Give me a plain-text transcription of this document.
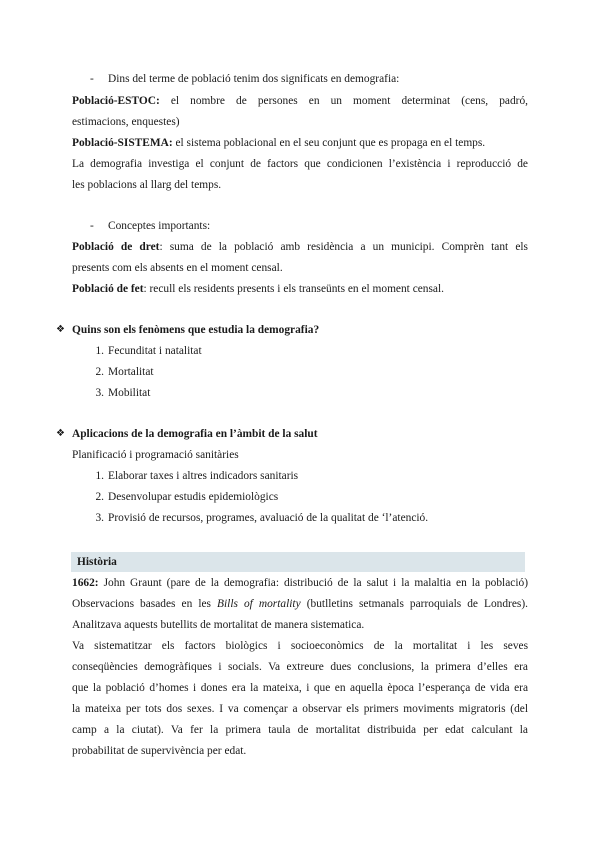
- Dins del terme de població tenim dos significats en demografia:
Població-ESTOC: el nombre de persones en un moment determinat (cens, padró,
estimacions, enquestes)
Població-SISTEMA: el sistema poblacional en el seu conjunt que es propaga en el temps.
La demografia investiga el conjunt de factors que condicionen l’existència i reproducció de
les poblacions al llarg del temps.
- Conceptes importants:
Població de dret: suma de la població amb residència a un municipi. Comprèn tant els
presents com els absents en el moment censal.
Població de fet: recull els residents presents i els transeünts en el moment censal.
❖ Quins son els fenòmens que estudia la demografia?
1. Fecunditat i natalitat
2. Mortalitat
3. Mobilitat
❖ Aplicacions de la demografia en l’àmbit de la salut
Planificació i programació sanitàries
1. Elaborar taxes i altres indicadors sanitaris
2. Desenvolupar estudis epidemiològics
3. Provisió de recursos, programes, avaluació de la qualitat de ‘l’atenció.
Història
1662: John Graunt (pare de la demografia: distribució de la salut i la malaltia en la població)
Observacions basades en les Bills of mortality (butlletins setmanals parroquials de Londres).
Analitzava aquests butellits de mortalitat de manera sistematica.
Va sistematitzar els factors biològics i socioeconòmics de la mortalitat i les seves
conseqüències demogràfiques i socials. Va extreure dues conclusions, la primera d’elles era
que la població d’homes i dones era la mateixa, i que en aquella època l’esperança de vida era
la mateixa per tots dos sexes. I va començar a observar els primers moviments migratoris (del
camp a la ciutat). Va fer la primera taula de mortalitat distribuida per edat calculant la
probabilitat de supervivència per edat.
